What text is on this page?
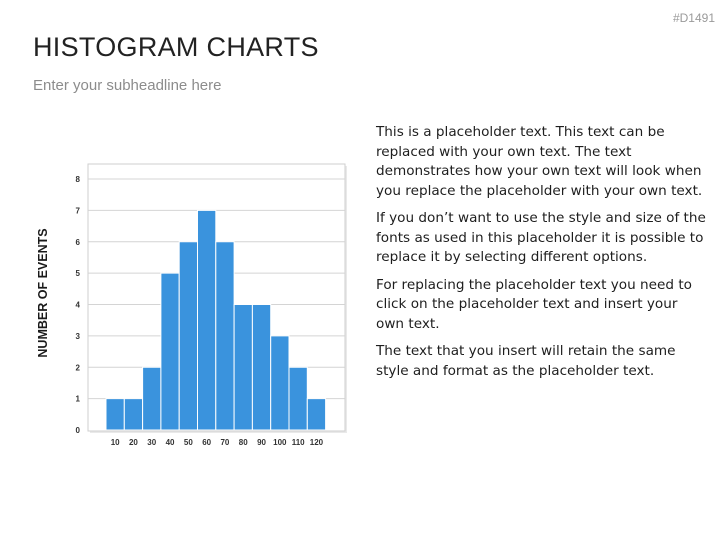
#D1491
HISTOGRAM CHARTS
Enter your subheadline here
0
1
2
3
4
5
6
7
8
10 20 30 40 50 60 70 80 90 100 110 120
NUMBER OF EVENTS

This is a placeholder text. This text can be replaced with your own text. The text demonstrates how your own text will look when you replace the placeholder with your own text.

If you don’t want to use the style and size of the fonts as used in this placeholder it is possible to replace it by selecting different options.

For replacing the placeholder text you need to click on the placeholder text and insert your own text.

The text that you insert will retain the same style and format as the placeholder text.
